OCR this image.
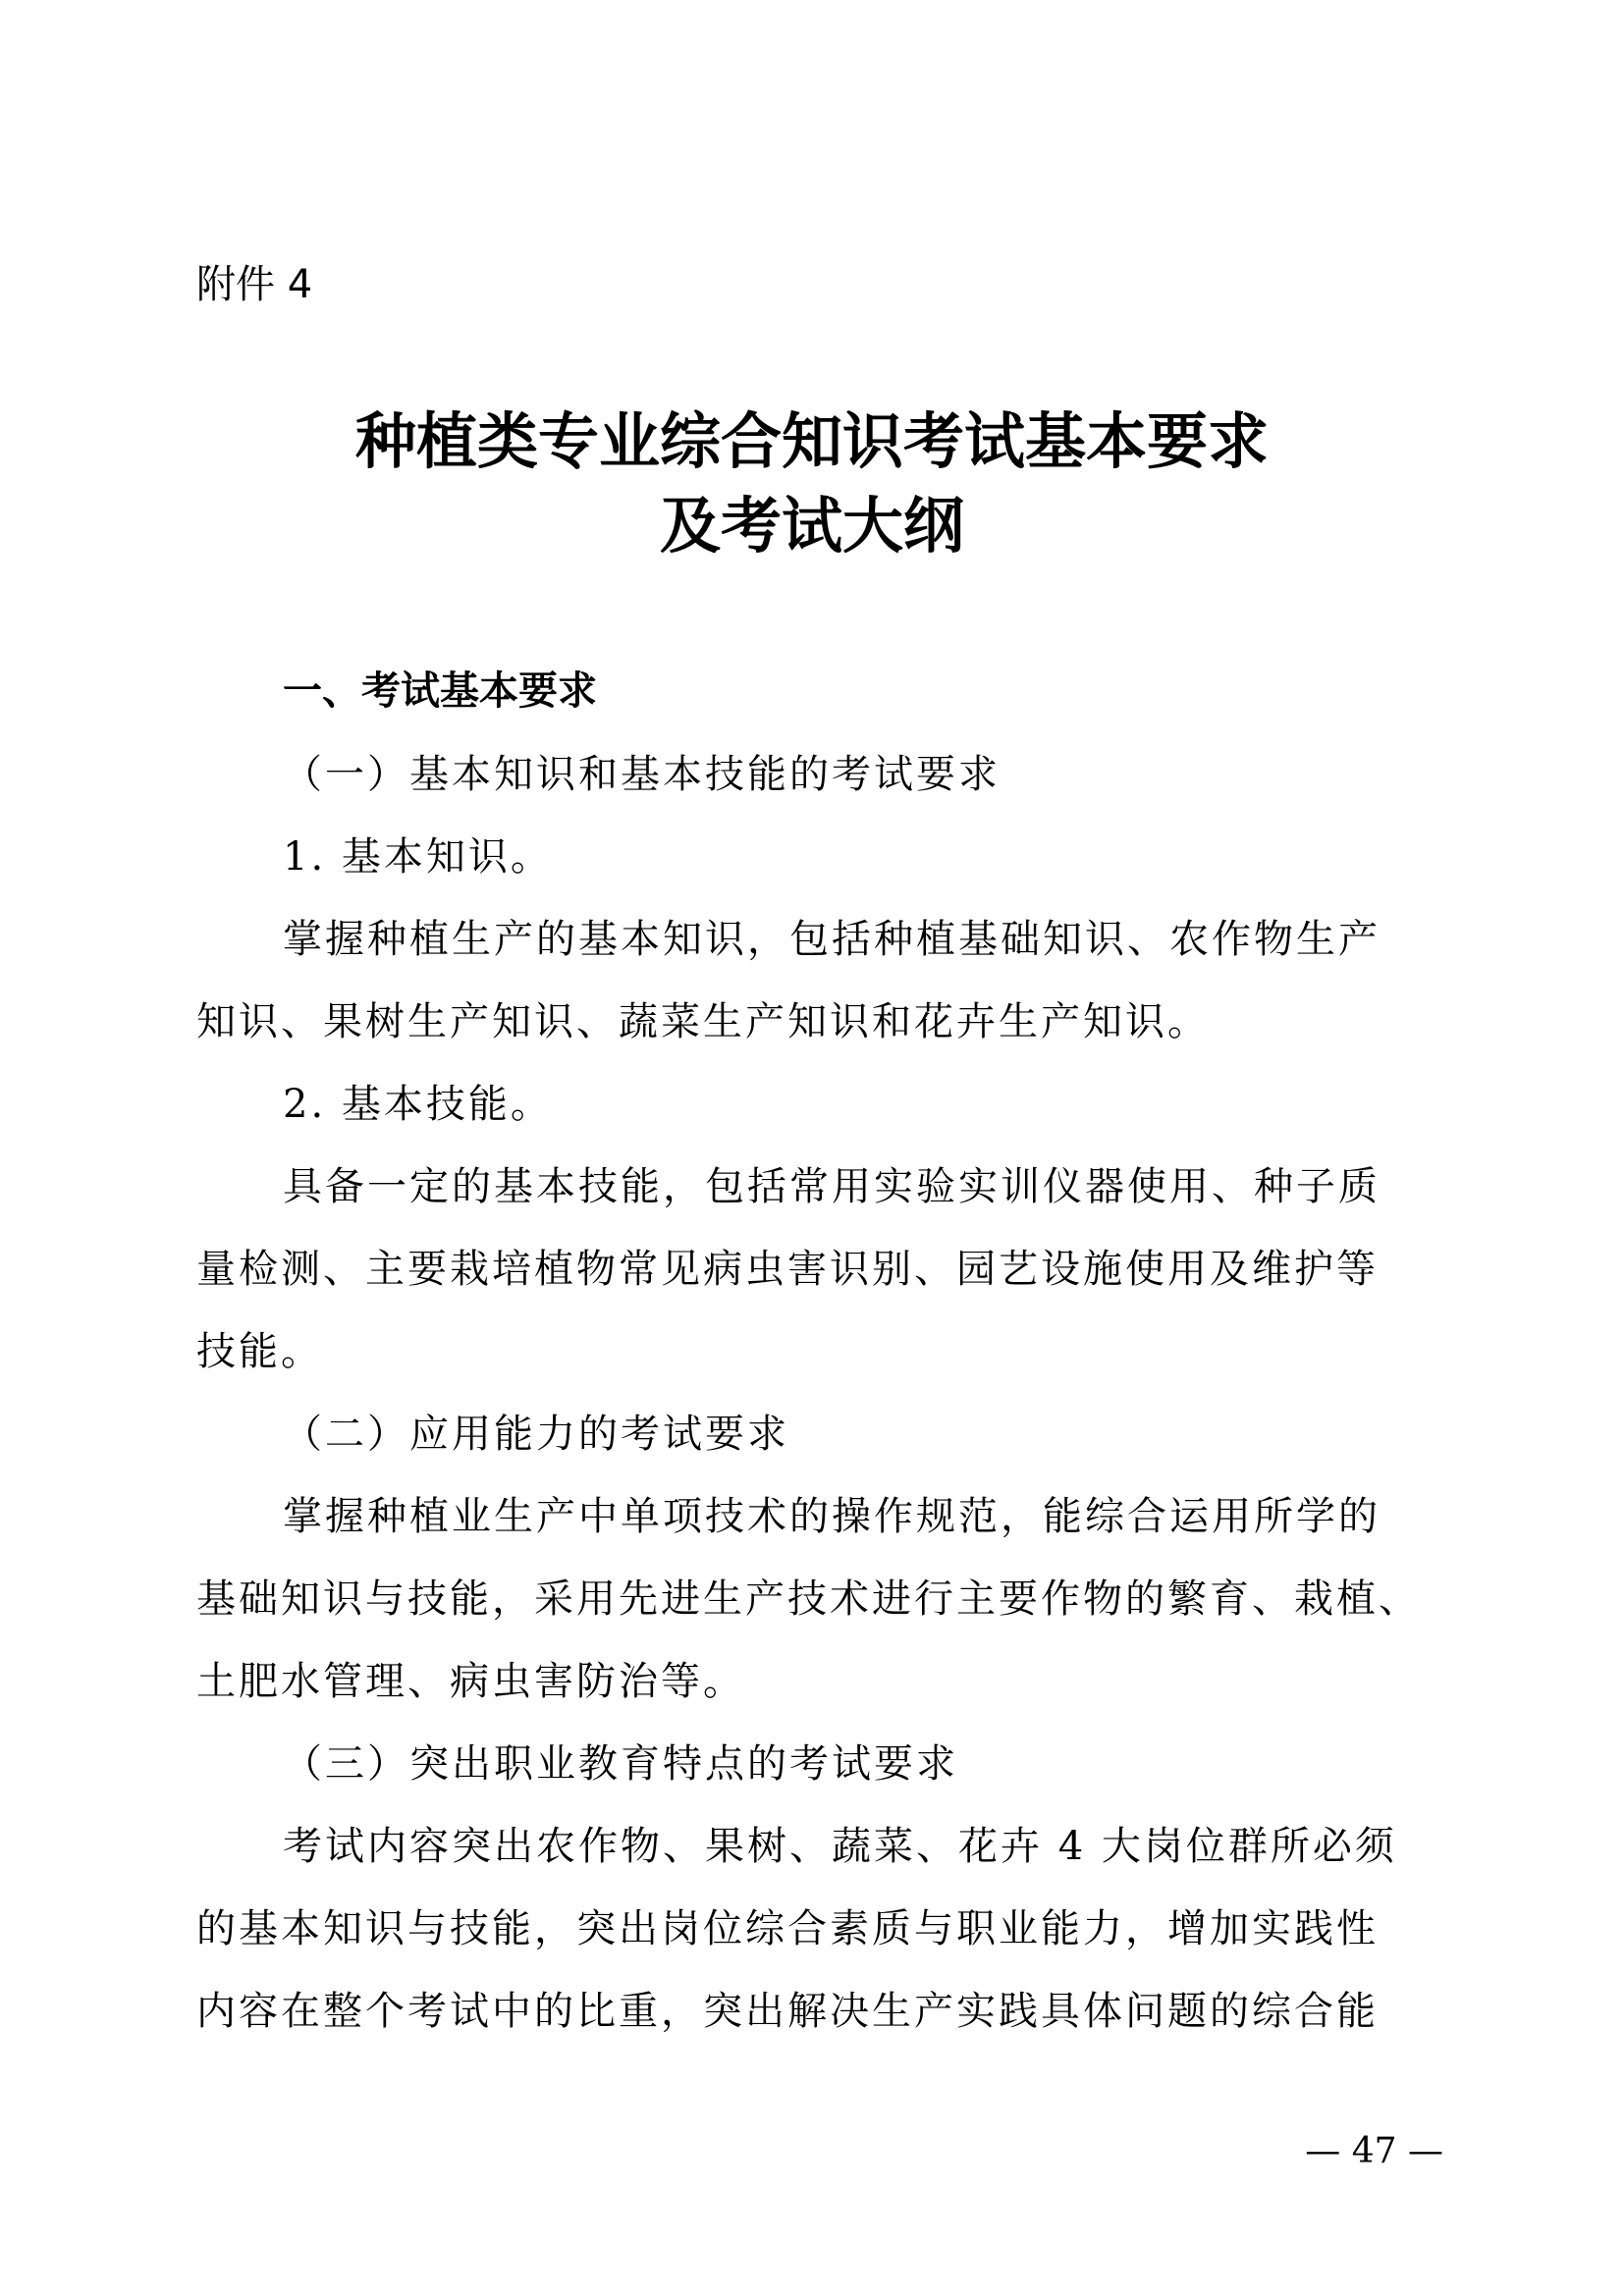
附件 4
种植类专业综合知识考试基本要求
及考试大纲
一、考试基本要求
（一）基本知识和基本技能的考试要求
1. 基本知识。
掌握种植生产的基本知识，包括种植基础知识、农作物生产
知识、果树生产知识、蔬菜生产知识和花卉生产知识。
2. 基本技能。
具备一定的基本技能，包括常用实验实训仪器使用、种子质
量检测、主要栽培植物常见病虫害识别、园艺设施使用及维护等
技能。
（二）应用能力的考试要求
掌握种植业生产中单项技术的操作规范，能综合运用所学的
基础知识与技能，采用先进生产技术进行主要作物的繁育、栽植、
土肥水管理、病虫害防治等。
（三）突出职业教育特点的考试要求
考试内容突出农作物、果树、蔬菜、花卉 4 大岗位群所必须
的基本知识与技能，突出岗位综合素质与职业能力，增加实践性
内容在整个考试中的比重，突出解决生产实践具体问题的综合能
— 47 —
